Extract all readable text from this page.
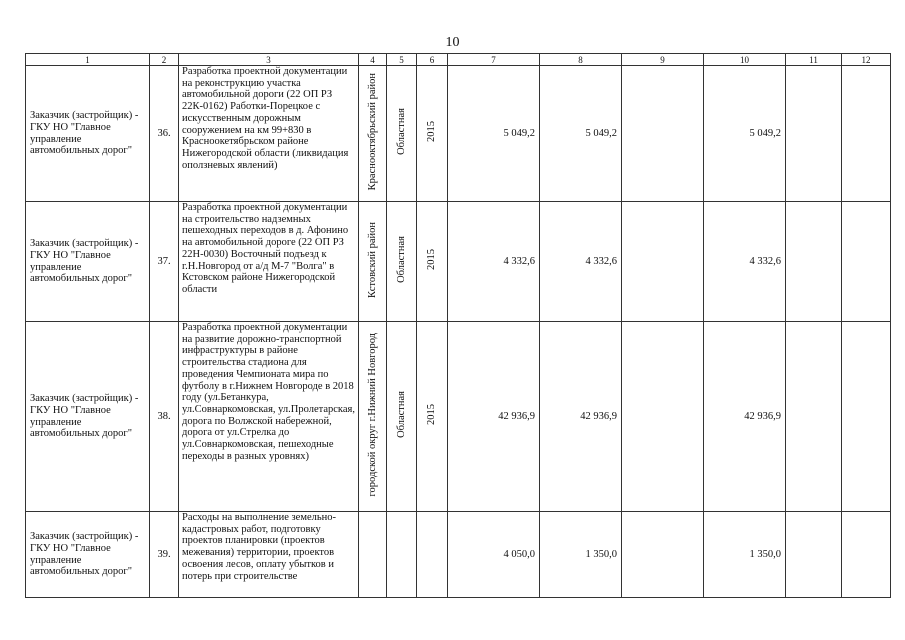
10
1	2	3	4	5	6	7	8	9	10	11	12
Заказчик (застройщик) - ГКУ НО "Главное управление автомобильных дорог"	36.	Разработка проектной документации на реконструкцию участка автомобильной дороги (22 ОП РЗ 22К-0162) Работки-Порецкое с искусственным дорожным сооружением на км 99+830 в Красноокетябрьском районе Нижегородской области (ликвидация оползневых явлений)	Краснооктябрьский район	Областная	2015	5 049,2	5 049,2		5 049,2		
Заказчик (застройщик) - ГКУ НО "Главное управление автомобильных дорог"	37.	Разработка проектной документации на строительство надземных пешеходных переходов в д. Афонино на автомобильной дороге (22 ОП РЗ 22Н-0030) Восточный подъезд к г.Н.Новгород от а/д М-7 "Волга" в Кстовском районе Нижегородской области	Кстовский район	Областная	2015	4 332,6	4 332,6		4 332,6		
Заказчик (застройщик) - ГКУ НО "Главное управление автомобильных дорог"	38.	Разработка проектной документации на развитие дорожно-транспортной инфраструктуры в районе строительства стадиона для проведения Чемпионата мира по футболу в г.Нижнем Новгороде в 2018 году (ул.Бетанкура, ул.Совнаркомовская, ул.Пролетарская, дорога по Волжской набережной, дорога от ул.Стрелка до ул.Совнаркомовская, пешеходные переходы в разных уровнях)	городской округ г.Нижний Новгород	Областная	2015	42 936,9	42 936,9		42 936,9		
Заказчик (застройщик) - ГКУ НО "Главное управление автомобильных дорог"	39.	Расходы на выполнение земельно-кадастровых работ, подготовку проектов планировки (проектов межевания) территории, проектов освоения лесов, оплату убытков и потерь при строительстве				4 050,0	1 350,0		1 350,0		
